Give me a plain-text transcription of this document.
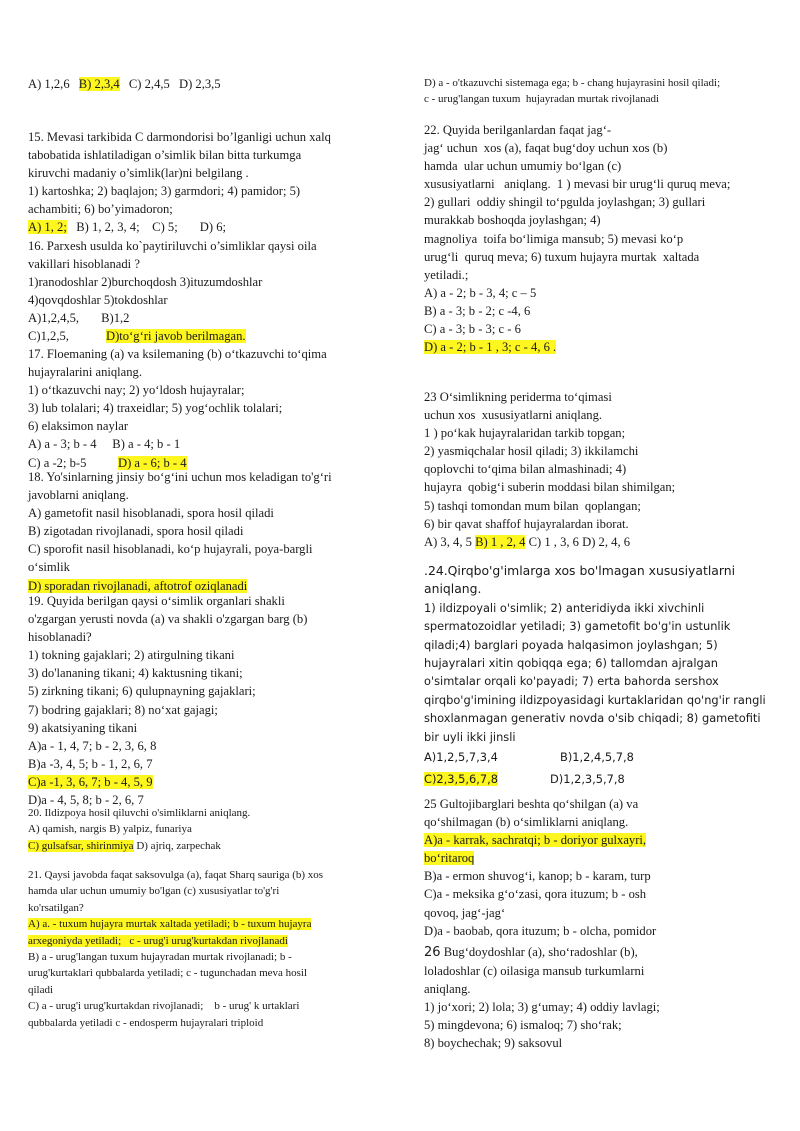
A) 1,2,6 B) 2,3,4 C) 2,4,5 D) 2,3,5
15. Mevasi tarkibida C darmondorisi bo’lganligi uchun xalq
tabobatida ishlatiladigan o’simlik bilan bitta turkumga
kiruvchi madaniy o’simlik(lar)ni belgilang .
1) kartoshka; 2) baqlajon; 3) garmdori; 4) pamidor; 5)
achambiti; 6) bo’yimadoron;
A) 1, 2;   B) 1, 2, 3, 4;    C) 5;       D) 6;
16. Parxesh usulda ko`paytiriluvchi o’simliklar qaysi oila
vakillari hisoblanadi ?
1)ranodoshlar 2)burchoqdosh 3)ituzumdoshlar
4)qovqdoshlar 5)tokdoshlar
A)1,2,4,5,       B)1,2
C)1,2,5,	D)to‘g‘ri javob berilmagan.
17. Floemaning (a) va ksilemaning (b) o‘tkazuvchi to‘qima
hujayralarini aniqlang.
1) o‘tkazuvchi nay; 2) yo‘ldosh hujayralar;
3) lub tolalari; 4) traxeidlar; 5) yog‘ochlik tolalari;
6) elaksimon naylar
A) a - 3; b - 4     B) a - 4; b - 1
C) a -2; b-5	D) a - 6; b - 4
18. Yo'sinlarning jinsiy bo‘g‘ini uchun mos keladigan to'g‘ri
javoblarni aniqlang.
A) gametofit nasil hisoblanadi, spora hosil qiladi
B) zigotadan rivojlanadi, spora hosil qiladi
C) sporofit nasil hisoblanadi, ko‘p hujayrali, poya-bargli
o‘simlik
D) sporadan rivojlanadi, aftotrof oziqlanadi
19. Quyida berilgan qaysi o‘simlik organlari shakli
o'zgargan yerusti novda (a) va shakli o'zgargan barg (b)
hisoblanadi?
1) tokning gajaklari; 2) atirgulning tikani
3) do'lananing tikani; 4) kaktusning tikani;
5) zirkning tikani; 6) qulupnayning gajaklari;
7) bodring gajaklari; 8) no‘xat gajagi;
9) akatsiyaning tikani
A)a - 1, 4, 7; b - 2, 3, 6, 8
B)a -3, 4, 5; b - 1, 2, 6, 7
C)a -1, 3, 6, 7; b - 4, 5, 9
D)a - 4, 5, 8; b - 2, 6, 7
20. Ildizpoya hosil qiluvchi o'simliklarni aniqlang.
A) qamish, nargis B) yalpiz, funariya
C) gulsafsar, shirinmiya D) ajriq, zarpechak
21. Qaysi javobda faqat saksovulga (a), faqat Sharq sauriga (b) xos
hamda ular uchun umumiy bo'lgan (c) xususiyatlar to'g'ri
ko'rsatilgan?
A) a. - tuxum hujayra murtak xaltada yetiladi; b - tuxum hujayra
arxegoniyda yetiladi;   c - urug'i urug'kurtakdan rivojlanadi
B) a - urug'langan tuxum hujayradan murtak rivojlanadi; b -
urug'kurtaklari qubbalarda yetiladi; c - tugunchadan meva hosil
qiladi
C) a - urug'i urug'kurtakdan rivojlanadi;    b - urug' k urtaklari
qubbalarda yetiladi c - endosperm hujayralari triploid
D) a - o'tkazuvchi sistemaga ega; b - chang hujayrasini hosil qiladi;
c - urug'langan tuxum  hujayradan murtak rivojlanadi
22. Quyida berilganlardan faqat jag‘-
jag‘ uchun  xos (a), faqat bug‘doy uchun xos (b)
hamda  ular uchun umumiy bo‘lgan (c)
xususiyatlarni   aniqlang.  1 ) mevasi bir urug‘li quruq meva;
2) gullari  oddiy shingil to‘pgulda joylashgan; 3) gullari
murakkab boshoqda joylashgan; 4)
magnoliya  toifa bo‘limiga mansub; 5) mevasi ko‘p
urug‘li  quruq meva; 6) tuxum hujayra murtak  xaltada
yetiladi.;
A) a - 2; b - 3, 4; c – 5
B) a - 3; b - 2; c -4, 6
C) a - 3; b - 3; c - 6
D) a - 2; b - 1 , 3; c - 4, 6 .
23 O‘simlikning periderma to‘qimasi
uchun xos  xususiyatlarni aniqlang.
1 ) po‘kak hujayralaridan tarkib topgan;
2) yasmiqchalar hosil qiladi; 3) ikkilamchi
qoplovchi to‘qima bilan almashinadi; 4)
hujayra  qobig‘i suberin moddasi bilan shimilgan;
5) tashqi tomondan mum bilan  qoplangan;
6) bir qavat shaffof hujayralardan iborat.
A) 3, 4, 5 B) 1 , 2, 4 C) 1 , 3, 6 D) 2, 4, 6
.24.Qirqbo'g'imlarga xos bo'lmagan xususiyatlarni
aniqlang.
1) ildizpoyali o'simlik; 2) anteridiyda ikki xivchinli
spermatozoidlar yetiladi; 3) gametofit bo'g'in ustunlik
qiladi;4) barglari poyada halqasimon joylashgan; 5)
hujayralari xitin qobiqqa ega; 6) tallomdan ajralgan
o'simtalar orqali ko'payadi; 7) erta bahorda sershox
qirqbo'g'imining ildizpoyasidagi kurtaklaridan qo'ng'ir rangli
shoxlanmagan generativ novda o'sib chiqadi; 8) gametofiti
bir uyli ikki jinsli
A)1,2,5,7,3,4	B)1,2,4,5,7,8
C)2,3,5,6,7,8	D)1,2,3,5,7,8
25 Gultojibarglari beshta qo‘shilgan (a) va
qo‘shilmagan (b) o‘simliklarni aniqlang.
A)a - karrak, sachratqi; b - doriyor gulxayri,
bo‘ritaroq
B)a - ermon shuvog‘i, kanop; b - karam, turp
C)a - meksika g‘o‘zasi, qora ituzum; b - osh
qovoq, jag‘-jag‘
D)a - baobab, qora ituzum; b - olcha, pomidor
26 Bug‘doydoshlar (a), sho‘radoshlar (b),
loladoshlar (c) oilasiga mansub turkumlarni
aniqlang.
1) jo‘xori; 2) lola; 3) g‘umay; 4) oddiy lavlagi;
5) mingdevona; 6) ismaloq; 7) sho‘rak;
8) boychechak; 9) saksovul
